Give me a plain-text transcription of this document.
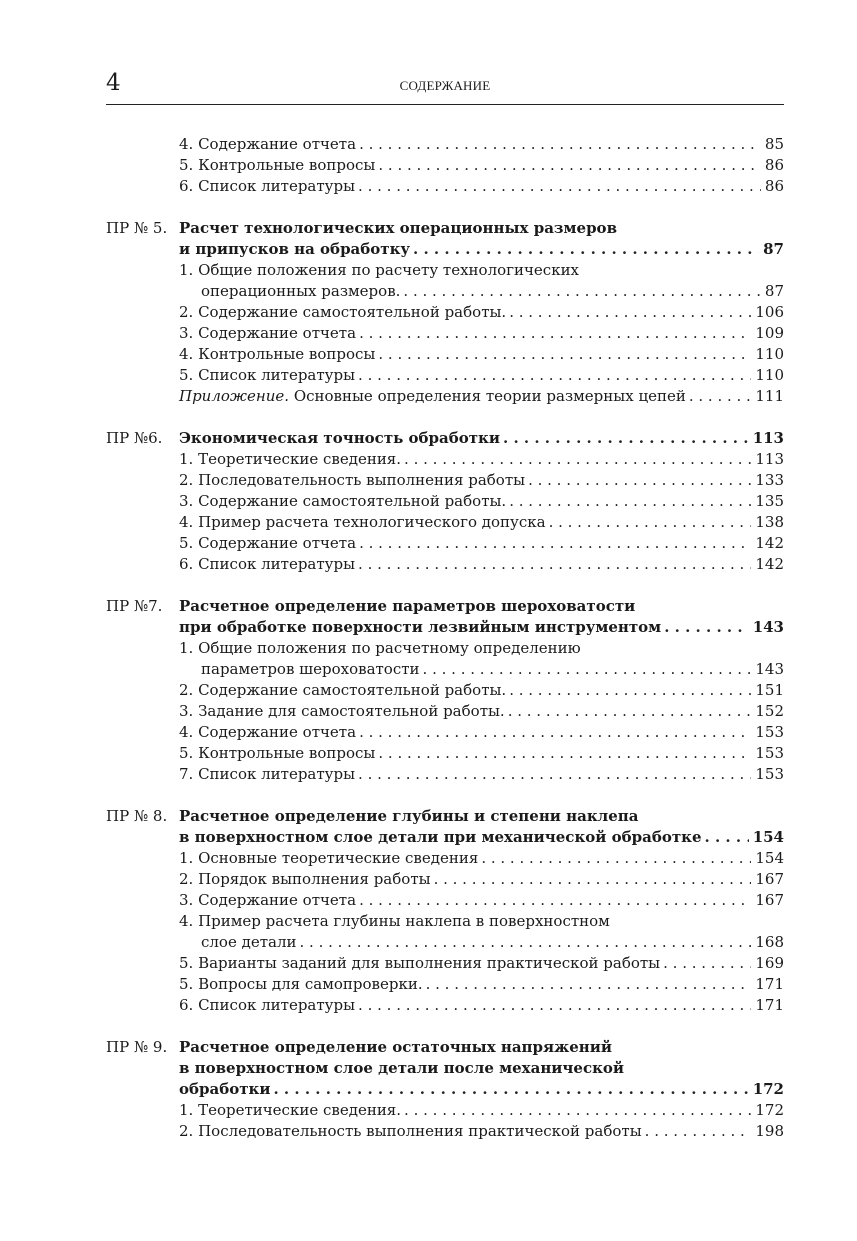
4	СОДЕРЖАНИЕ
4. Содержание отчета . . .	85
5. Контрольные вопросы . . .	86
6. Список литературы . . .	86
ПР № 5. Расчет технологических операционных размеров
и припусков на обработку . . .	87
1. Общие положения по расчету технологических
операционных размеров. . . .	87
2. Содержание самостоятельной работы. . . .	106
3. Содержание отчета . . .	109
4. Контрольные вопросы . . .	110
5. Список литературы . . .	110
Приложение. Основные определения теории размерных цепей . . .	111
ПР №6.	Экономическая точность обработки . . .	113
1. Теоретические сведения. . . .	113
2. Последовательность выполнения работы . . .	133
3. Содержание самостоятельной работы. . . .	135
4. Пример расчета технологического допуска . . .	138
5. Содержание отчета . . .	142
6. Список литературы . . .	142
ПР №7.	Расчетное определение параметров шероховатости
при обработке поверхности лезвийным инструментом . . .	143
1. Общие положения по расчетному определению
параметров шероховатости . . .	143
2. Содержание самостоятельной работы. . . .	151
3. Задание для самостоятельной работы. . . .	152
4. Содержание отчета . . .	153
5. Контрольные вопросы . . .	153
7. Список литературы . . .	153
ПР № 8. Расчетное определение глубины и степени наклепа
в поверхностном слое детали при механической обработке . . .	154
1. Основные теоретические сведения . . .	154
2. Порядок выполнения работы . . .	167
3. Содержание отчета . . .	167
4. Пример расчета глубины наклепа в поверхностном
слое детали . . .	168
5. Варианты заданий для выполнения практической работы . . .	169
5. Вопросы для самопроверки. . . .	171
6. Список литературы . . .	171
ПР № 9. Расчетное определение остаточных напряжений
в поверхностном слое детали после механической
обработки . . .	172
1. Теоретические сведения. . . .	172
2. Последовательность выполнения практической работы . . .	198
